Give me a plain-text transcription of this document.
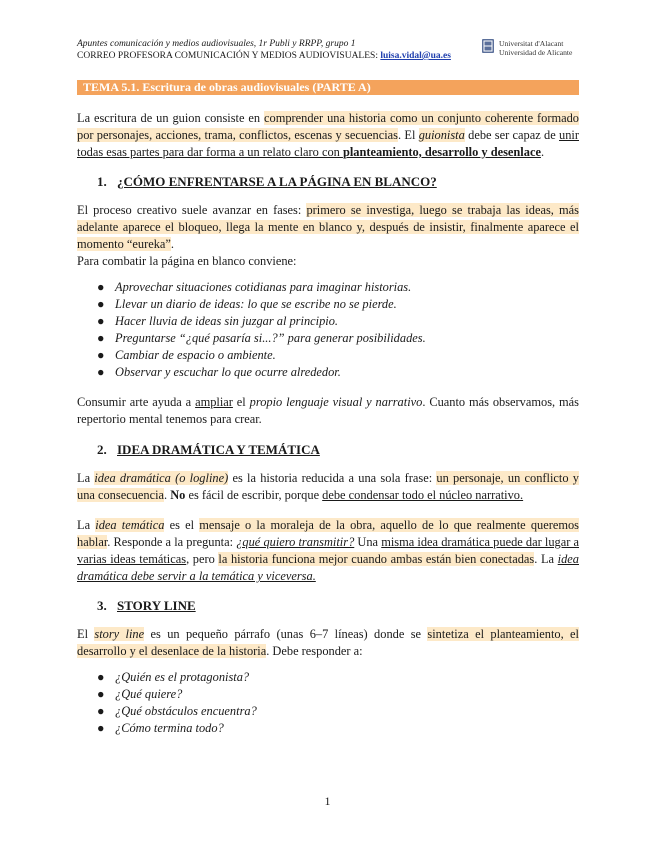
Apuntes comunicación y medios audiovisuales, 1r Publi y RRPP, grupo 1
CORREO PROFESORA COMUNICACIÓN Y MEDIOS AUDIOVISUALES: luisa.vidal@ua.es
Universitat d'Alacant
Universidad de Alicante
TEMA 5.1. Escritura de obras audiovisuales (PARTE A)

La escritura de un guion consiste en comprender una historia como un conjunto coherente formado por personajes, acciones, trama, conflictos, escenas y secuencias. El guionista debe ser capaz de unir todas esas partes para dar forma a un relato claro con planteamiento, desarrollo y desenlace.

1. ¿CÓMO ENFRENTARSE A LA PÁGINA EN BLANCO?

El proceso creativo suele avanzar en fases: primero se investiga, luego se trabaja las ideas, más adelante aparece el bloqueo, llega la mente en blanco y, después de insistir, finalmente aparece el momento “eureka”.

Para combatir la página en blanco conviene:

● Aprovechar situaciones cotidianas para imaginar historias.
● Llevar un diario de ideas: lo que se escribe no se pierde.
● Hacer lluvia de ideas sin juzgar al principio.
● Preguntarse “¿qué pasaría si...?” para generar posibilidades.
● Cambiar de espacio o ambiente.
● Observar y escuchar lo que ocurre alrededor.

Consumir arte ayuda a ampliar el propio lenguaje visual y narrativo. Cuanto más observamos, más repertorio mental tenemos para crear.

2. IDEA DRAMÁTICA Y TEMÁTICA

La idea dramática (o logline) es la historia reducida a una sola frase: un personaje, un conflicto y una consecuencia. No es fácil de escribir, porque debe condensar todo el núcleo narrativo.

La idea temática es el mensaje o la moraleja de la obra, aquello de lo que realmente queremos hablar. Responde a la pregunta: ¿qué quiero transmitir? Una misma idea dramática puede dar lugar a varias ideas temáticas, pero la historia funciona mejor cuando ambas están bien conectadas. La idea dramática debe servir a la temática y viceversa.

3. STORY LINE

El story line es un pequeño párrafo (unas 6–7 líneas) donde se sintetiza el planteamiento, el desarrollo y el desenlace de la historia. Debe responder a:

● ¿Quién es el protagonista?
● ¿Qué quiere?
● ¿Qué obstáculos encuentra?
● ¿Cómo termina todo?
1
